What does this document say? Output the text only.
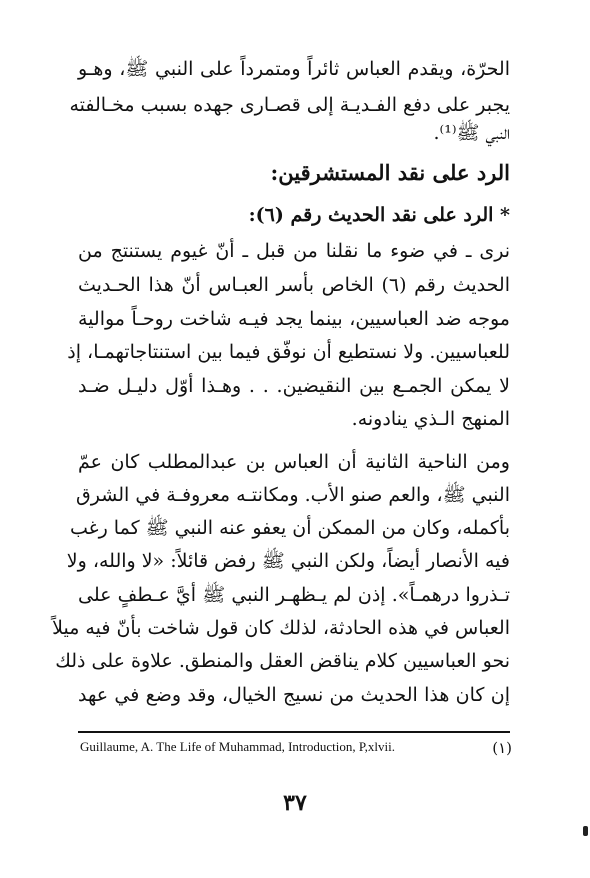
الحرّة، ويقدم العباس ثائراً ومتمرداً على النبي ﷺ، وهـو
يجبر على دفع الفـديـة إلى قصـارى جهده بسبب مخـالفته
النبي ﷺ⁽¹⁾.
الرد على نقد المستشرقين:
* الرد على نقد الحديث رقم (٦):
نرى ـ في ضوء ما نقلنا من قبل ـ أنّ غيوم يستنتج من
الحديث رقم (٦) الخاص بأسر العبـاس أنّ هذا الحـديث
موجه ضد العباسيين، بينما يجد فيـه شاخت روحـاً موالية
للعباسيين. ولا نستطيع أن نوفّق فيما بين استنتاجاتهمـا، إذ
لا يمكن الجمـع بين النقيضين. . . وهـذا أوّل دليـل ضـد
المنهج الـذي ينادونه.
ومن الناحية الثانية أن العباس بن عبدالمطلب كان عمّ
النبي ﷺ، والعم صنو الأب. ومكانتـه معروفـة في الشرق
بأكمله، وكان من الممكن أن يعفو عنه النبي ﷺ كما رغب
فيه الأنصار أيضاً، ولكن النبي ﷺ رفض قائلاً: «لا والله، ولا
تـذروا درهمـاً». إذن لم يـظهـر النبي ﷺ أيَّ عـطفٍ على
العباس في هذه الحادثة، لذلك كان قول شاخت بأنّ فيه ميلاً
نحو العباسيين كلام يناقض العقل والمنطق. علاوة على ذلك
إن كان هذا الحديث من نسيج الخيال، وقد وضع في عهد
Guillaume, A. The Life of Muhammad, Introduction, P,xlvii.	(١)
٣٧
